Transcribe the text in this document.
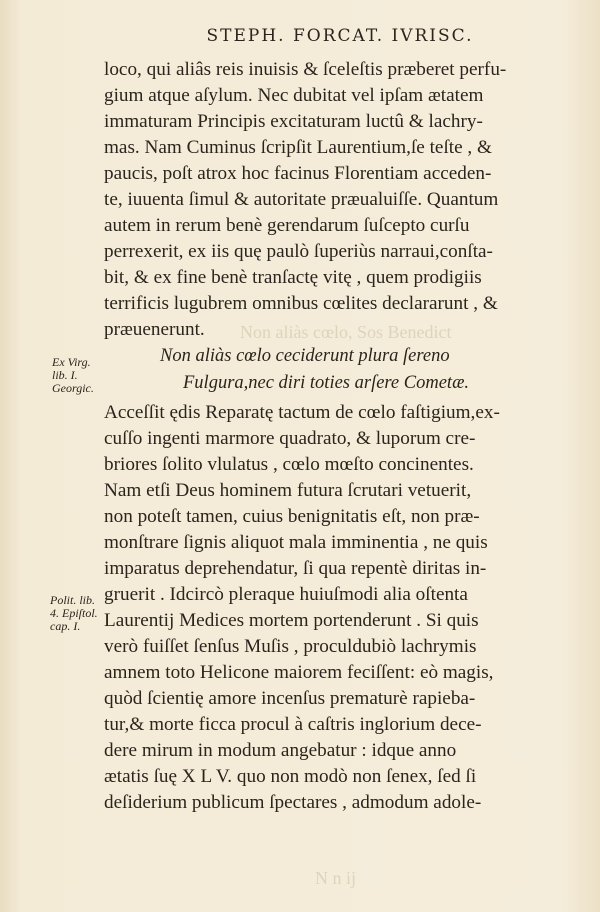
STEPH. FORCAT. IVRISC.
Non aliàs cœlo, Sos Benedict
N n ij
loco, qui aliâs reis inuisis & ſceleſtis præberet perfu-
gium atque aſylum. Nec dubitat vel ipſam ætatem
immaturam Principis excitaturam luctû & lachry-
mas. Nam Cuminus ſcripſit Laurentium,ſe teſte , &
paucis, poſt atrox hoc facinus Florentiam acceden-
te, iuuenta ſimul & autoritate præualuiſſe. Quantum
autem in rerum benè gerendarum ſuſcepto curſu
perrexerit, ex iis quę paulò ſuperiùs narraui,conſta-
bit, & ex fine benè tranſactę vitę , quem prodigiis
terrificis lugubrem omnibus cœlites declararunt , &
præuenerunt.
Ex Virg.
lib. I.
Georgic.
Non aliàs cœlo ceciderunt plura ſereno
Fulgura,nec diri toties arſere Cometæ.
Acceſſit ędis Reparatę tactum de cœlo faſtigium,ex-
cuſſo ingenti marmore quadrato, & luporum cre-
briores ſolito vlulatus , cœlo mœſto concinentes.
Nam etſi Deus hominem futura ſcrutari vetuerit,
non poteſt tamen, cuius benignitatis eſt, non præ-
monſtrare ſignis aliquot mala imminentia , ne quis
imparatus deprehendatur, ſi qua repentè diritas in-
gruerit . Idcircò pleraque huiuſmodi alia oſtenta
Laurentij Medices mortem portenderunt . Si quis
verò fuiſſet ſenſus Muſis , proculdubiò lachrymis
amnem toto Helicone maiorem feciſſent: eò magis,
quòd ſcientię amore incenſus prematurè rapieba-
tur,& morte ficca procul à caſtris inglorium dece-
dere mirum in modum angebatur : idque anno
ætatis ſuę X L V. quo non modò non ſenex, ſed ſi
deſiderium publicum ſpectares , admodum adole-
Polit. lib.
4. Epiſtol.
cap. I.
